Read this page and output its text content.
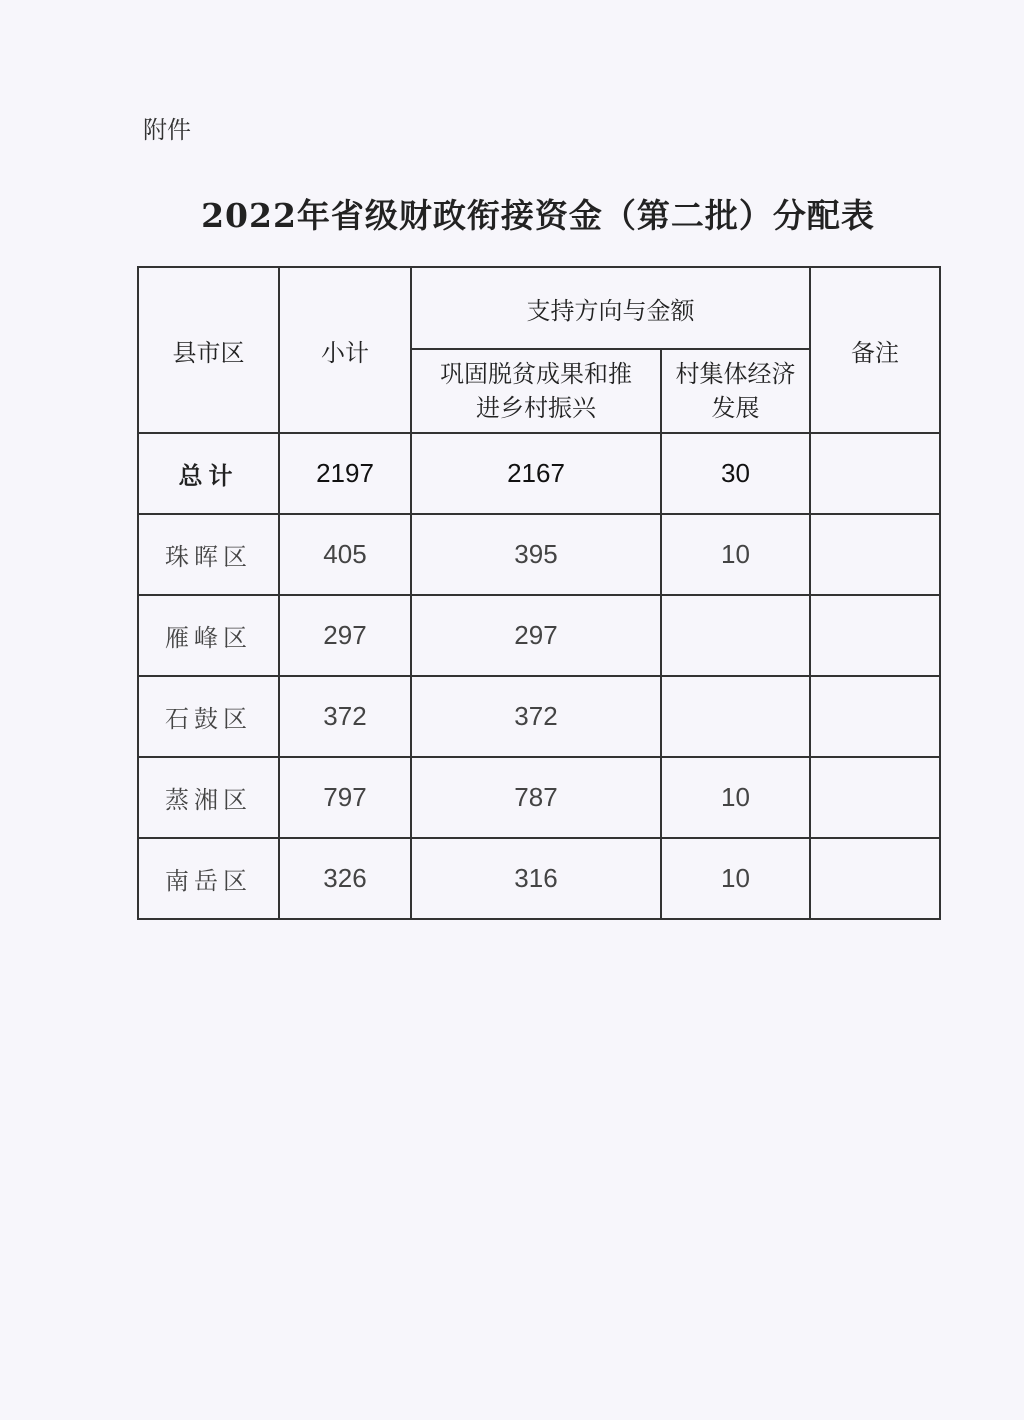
附件
2022年省级财政衔接资金（第二批）分配表
县市区	小计	支持方向与金额		备注

		巩固脱贫成果和推进乡村振兴	村集体经济发展	

总计	2197	2167	30	
珠晖区	405	395	10	
雁峰区	297	297		
石鼓区	372	372		
蒸湘区	797	787	10	
南岳区	326	316	10	
